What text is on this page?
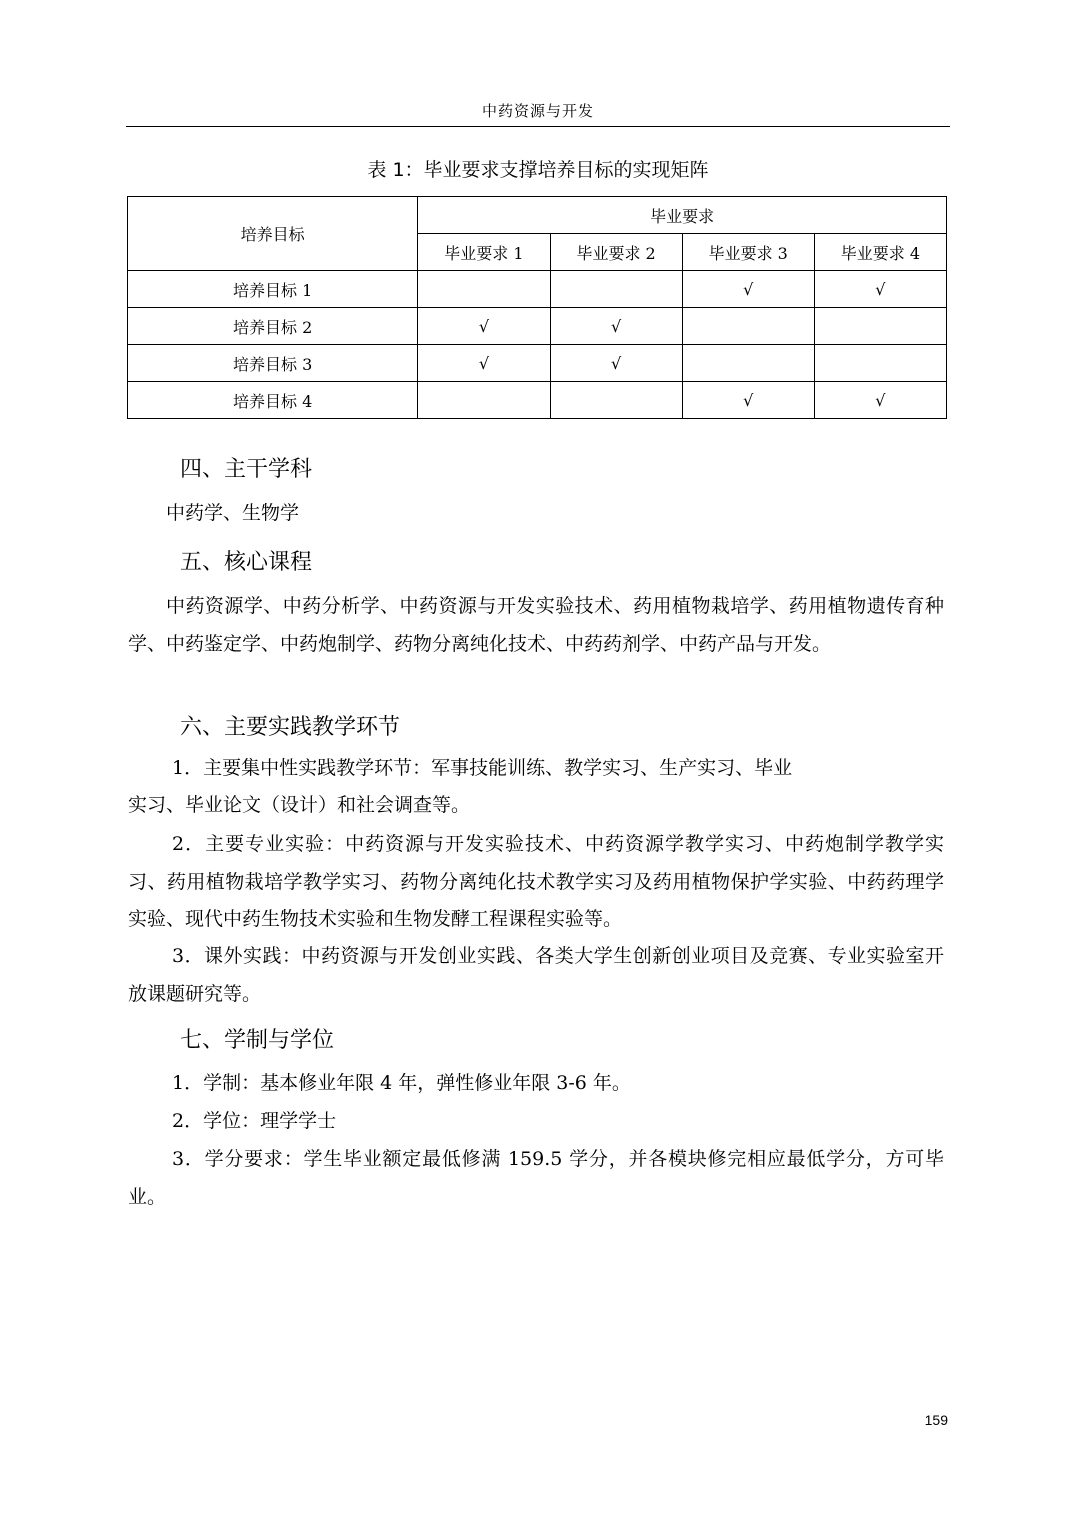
中药资源与开发
表 1：毕业要求支撑培养目标的实现矩阵
培养目标	毕业要求			
	毕业要求 1	毕业要求 2	毕业要求 3	毕业要求 4
培养目标 1			√	√
培养目标 2	√	√		
培养目标 3	√	√		
培养目标 4			√	√
四、主干学科
中药学、生物学
五、核心课程
中药资源学、中药分析学、中药资源与开发实验技术、药用植物栽培学、药用植物遗传育种学、中药鉴定学、中药炮制学、药物分离纯化技术、中药药剂学、中药产品与开发。
六、主要实践教学环节
1．主要集中性实践教学环节：军事技能训练、教学实习、生产实习、毕业
实习、毕业论文（设计）和社会调查等。
2．主要专业实验：中药资源与开发实验技术、中药资源学教学实习、中药炮制学教学实习、药用植物栽培学教学实习、药物分离纯化技术教学实习及药用植物保护学实验、中药药理学实验、现代中药生物技术实验和生物发酵工程课程实验等。
3．课外实践：中药资源与开发创业实践、各类大学生创新创业项目及竞赛、专业实验室开放课题研究等。
七、学制与学位
1．学制：基本修业年限 4 年，弹性修业年限 3-6 年。
2．学位：理学学士
3．学分要求：学生毕业额定最低修满 159.5 学分，并各模块修完相应最低学分，方可毕业。
159
